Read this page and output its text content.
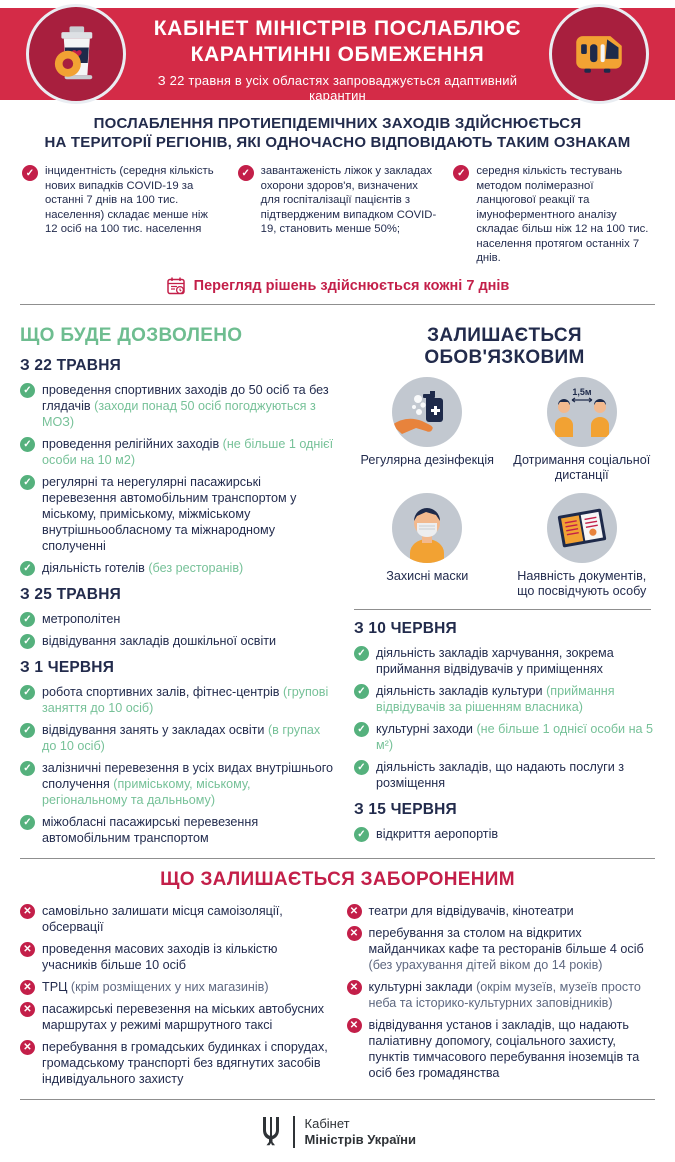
КАБІНЕТ МІНІСТРІВ ПОСЛАБЛЮЄ
КАРАНТИННІ ОБМЕЖЕННЯ
З 22 травня в усіх областях запроваджується адаптивний карантин
ПОСЛАБЛЕННЯ ПРОТИЕПІДЕМІЧНИХ ЗАХОДІВ ЗДІЙСНЮЄТЬСЯ
НА ТЕРИТОРІЇ РЕГІОНІВ, ЯКІ ОДНОЧАСНО ВІДПОВІДАЮТЬ ТАКИМ ОЗНАКАМ
✓ інцидентність (середня кількість нових випадків COVID-19 за останні 7 днів на 100 тис. населення) складає менше ніж 12 осіб на 100 тис. населення
✓ завантаженість ліжок у закладах охорони здоров'я, визначених для госпіталізації пацієнтів з підтвердженим випадком COVID-19, становить менше 50%;
✓ середня кількість тестувань методом полімеразної ланцюгової реакції та імуноферментного аналізу складає більш ніж 12 на 100 тис. населення протягом останніх 7 днів.
Перегляд рішень здійснюється кожні 7 днів
ЩО БУДЕ ДОЗВОЛЕНО
З 22 ТРАВНЯ
✓ проведення спортивних заходів до 50 осіб та без глядачів (заходи понад 50 осіб погоджуються з МОЗ)
✓ проведення релігійних заходів (не більше 1 однієї особи на 10 м2)
✓ регулярні та нерегулярні пасажирські перевезення автомобільним транспортом у міському, приміському, міжміському внутрішньообласному та міжнародному сполученні
✓ діяльність готелів (без ресторанів)
З 25 ТРАВНЯ
✓ метрополітен
✓ відвідування закладів дошкільної освіти
З 1 ЧЕРВНЯ
✓ робота спортивних залів, фітнес-центрів (групові заняття до 10 осіб)
✓ відвідування занять у закладах освіти (в групах до 10 осіб)
✓ залізничні перевезення в усіх видах внутрішнього сполучення (приміському, міському, регіональному та дальньому)
✓ міжобласні пасажирські перевезення автомобільним транспортом
ЗАЛИШАЄТЬСЯ ОБОВ'ЯЗКОВИМ
Регулярна дезінфекція
1,5м
Дотримання соціальної дистанції
Захисні маски	Наявність документів, що посвідчують особу
З 10 ЧЕРВНЯ
✓ діяльність закладів харчування, зокрема приймання відвідувачів у приміщеннях
✓ діяльність закладів культури (приймання відвідувачів за рішенням власника)
✓ культурні заходи (не більше 1 однієї особи на 5 м²)
✓ діяльність закладів, що надають послуги з розміщення
З 15 ЧЕРВНЯ
✓ відкриття аеропортів
ЩО ЗАЛИШАЄТЬСЯ ЗАБОРОНЕНИМ
✕ самовільно залишати місця самоізоляції, обсервації
✕ проведення масових заходів із кількістю учасників більше 10 осіб
✕ ТРЦ (крім розміщених у них магазинів)
✕ пасажирські перевезення на міських автобусних маршрутах у режимі маршрутного таксі
✕ перебування в громадських будинках і спорудах, громадському транспорті без вдягнутих засобів індивідуального захисту
✕ театри для відвідувачів, кінотеатри
✕ перебування за столом на відкритих майданчиках кафе та ресторанів більше 4 осіб (без урахування дітей віком до 14 років)
✕ культурні заклади (окрім музеїв, музеїв просто неба та історико-культурних заповідників)
✕ відвідування установ і закладів, що надають паліативну допомогу, соціального захисту, пунктів тимчасового перебування іноземців та осіб без громадянства
Кабінет
Міністрів України
